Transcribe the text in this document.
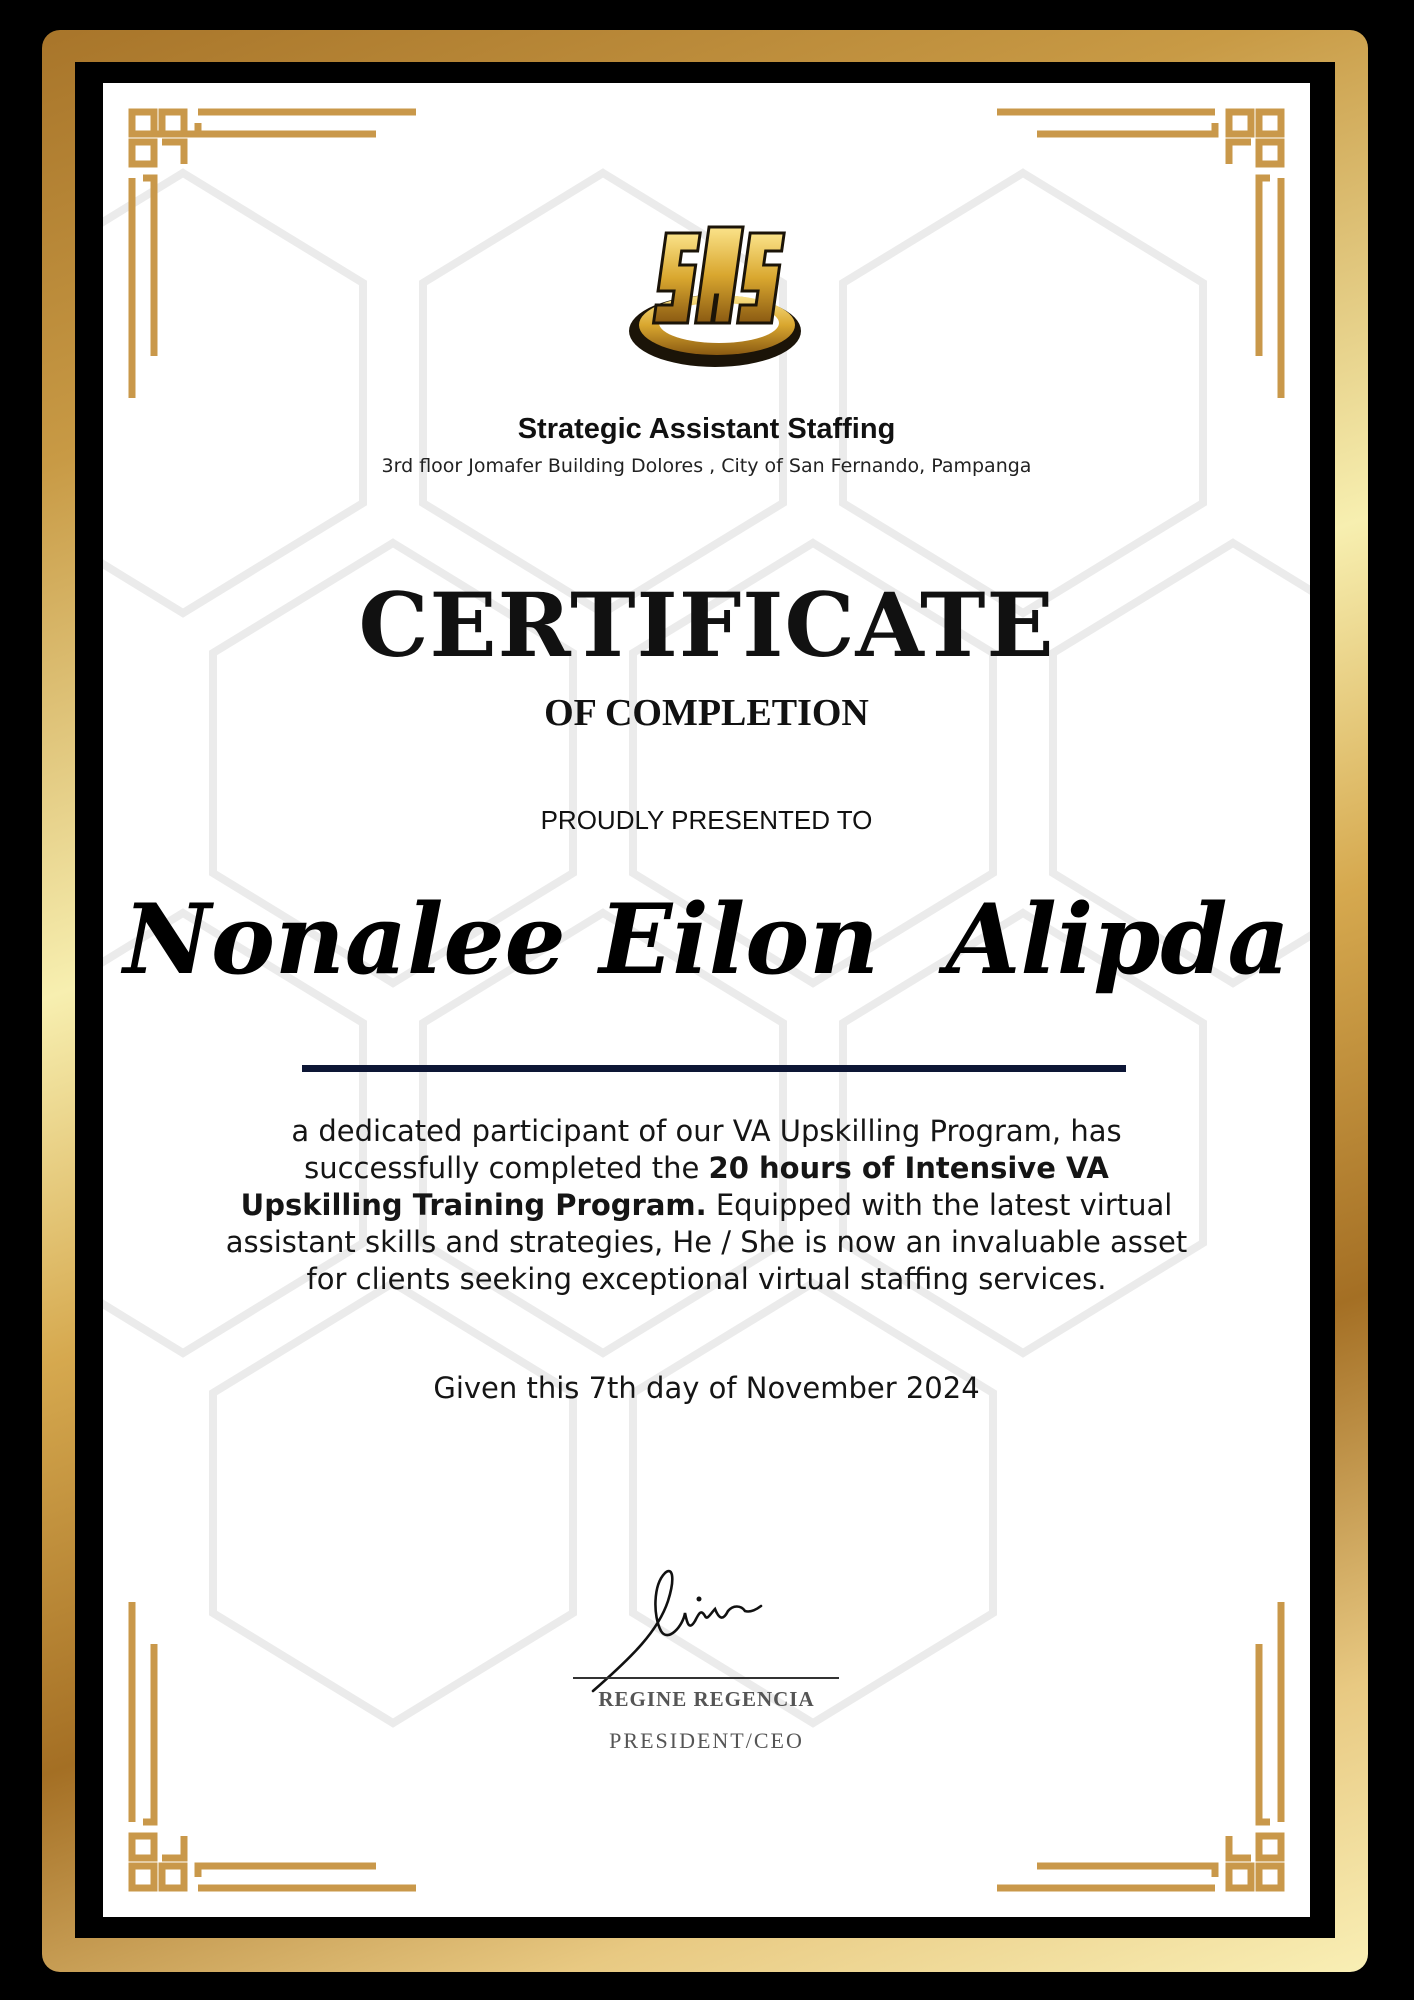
Strategic Assistant Staffing
3rd floor Jomafer Building Dolores , City of San Fernando, Pampanga
CERTIFICATE
OF COMPLETION
PROUDLY PRESENTED TO
Nonalee Eilon  Alipda
a dedicated participant of our VA Upskilling Program, has successfully completed the 20 hours of Intensive VA Upskilling Training Program. Equipped with the latest virtual assistant skills and strategies, He / She is now an invaluable asset for clients seeking exceptional virtual staffing services.
Given this 7th day of November 2024
REGINE REGENCIA
PRESIDENT/CEO
